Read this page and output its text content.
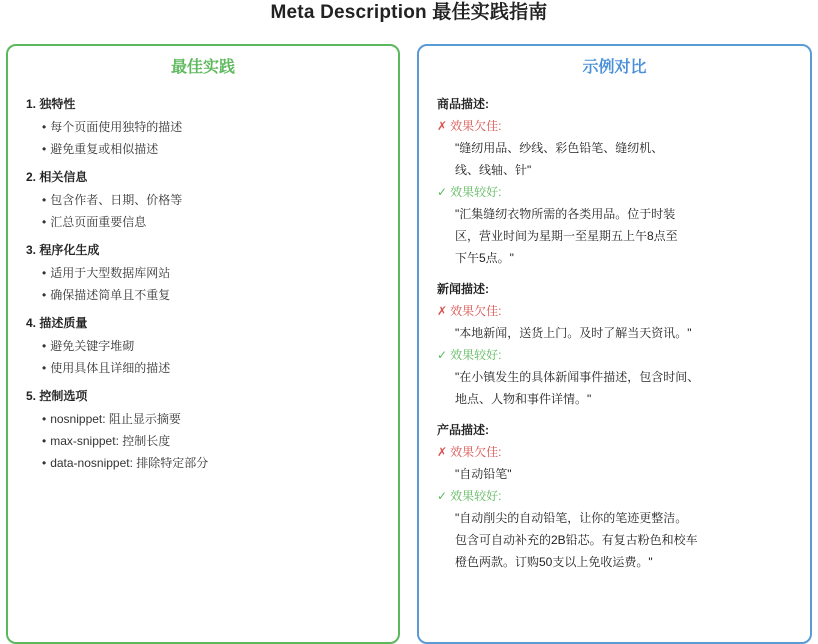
Meta Description 最佳实践指南
最佳实践
1. 独特性
• 每个页面使用独特的描述
• 避免重复或相似描述
2. 相关信息
• 包含作者、日期、价格等
• 汇总页面重要信息
3. 程序化生成
• 适用于大型数据库网站
• 确保描述简单且不重复
4. 描述质量
• 避免关键字堆砌
• 使用具体且详细的描述
5. 控制选项
• nosnippet: 阻止显示摘要
• max-snippet: 控制长度
• data-nosnippet: 排除特定部分
示例对比
商品描述:
✗ 效果欠佳:
"缝纫用品、纱线、彩色铅笔、缝纫机、
线、线轴、针"
✓ 效果较好:
"汇集缝纫衣物所需的各类用品。位于时装
区，营业时间为星期一至星期五上午8点至
下午5点。"
新闻描述:
✗ 效果欠佳:
"本地新闻，送货上门。及时了解当天资讯。"
✓ 效果较好:
"在小镇发生的具体新闻事件描述，包含时间、
地点、人物和事件详情。"
产品描述:
✗ 效果欠佳:
"自动铅笔"
✓ 效果较好:
"自动削尖的自动铅笔，让你的笔迹更整洁。
包含可自动补充的2B铅芯。有复古粉色和校车
橙色两款。订购50支以上免收运费。"
